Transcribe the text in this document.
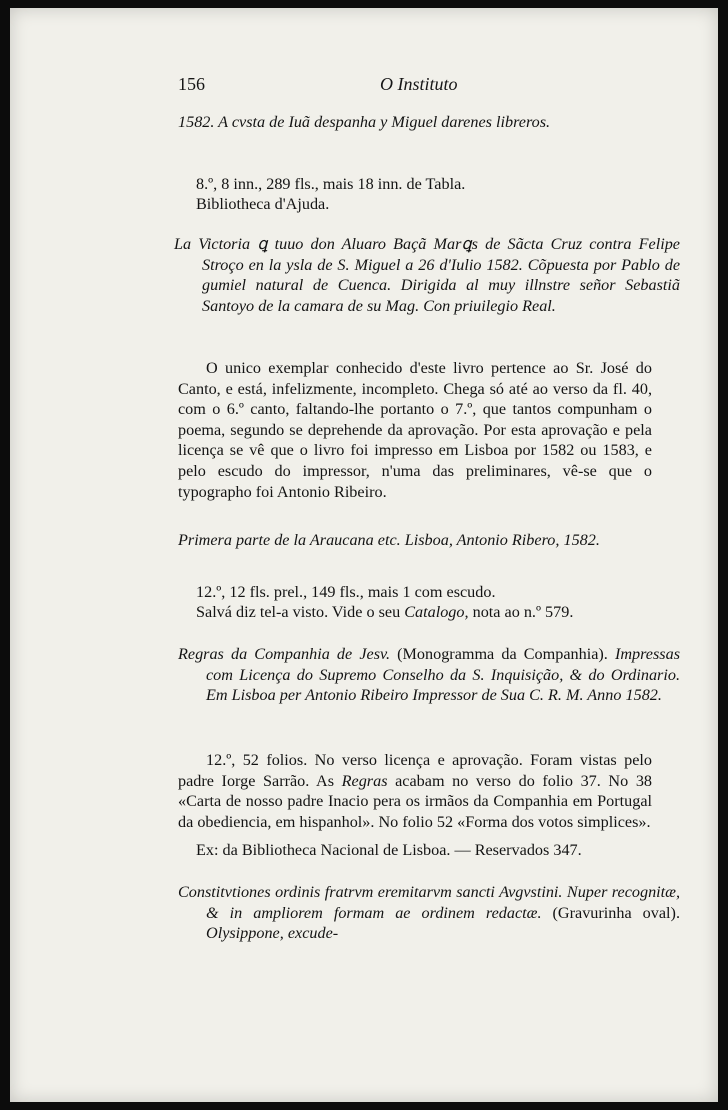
156	O Instituto

1582. A cvsta de Iuã despanha y Miguel darenes libreros.

8.º, 8 inn., 289 fls., mais 18 inn. de Tabla.

Bibliotheca d'Ajuda.

La Victoria ꝗ tuuo don Aluaro Baçã Marꝗs de Sãcta Cruz contra Felipe Stroço en la ysla de S. Miguel a 26 d'Iulio 1582. Cõpuesta por Pablo de gumiel natural de Cuenca. Dirigida al muy illnstre señor Sebastiã Santoyo de la camara de su Mag. Con priuilegio Real.

O unico exemplar conhecido d'este livro pertence ao Sr. José do Canto, e está, infelizmente, incompleto. Chega só até ao verso da fl. 40, com o 6.º canto, faltando-lhe portanto o 7.º, que tantos compunham o poema, segundo se deprehende da aprovação. Por esta aprovação e pela licença se vê que o livro foi impresso em Lisboa por 1582 ou 1583, e pelo escudo do impressor, n'uma das preliminares, vê-se que o typographo foi Antonio Ribeiro.

Primera parte de la Araucana etc. Lisboa, Antonio Ribero, 1582.

12.º, 12 fls. prel., 149 fls., mais 1 com escudo.

Salvá diz tel-a visto. Vide o seu Catalogo, nota ao n.º 579.

Regras da Companhia de Jesv. (Monogramma da Companhia). Impressas com Licença do Supremo Conselho da S. Inquisição, & do Ordinario. Em Lisboa per Antonio Ribeiro Impressor de Sua C. R. M. Anno 1582.

12.º, 52 folios. No verso licença e aprovação. Foram vistas pelo padre Iorge Sarrão. As Regras acabam no verso do folio 37. No 38 «Carta de nosso padre Inacio pera os irmãos da Companhia em Portugal da obediencia, em hispanhol». No folio 52 «Forma dos votos simplices».

Ex: da Bibliotheca Nacional de Lisboa. — Reservados 347.

Constitvtiones ordinis fratrvm eremitarvm sancti Avgvstini. Nuper recognitæ, & in ampliorem formam ae ordinem redactæ. (Gravurinha oval). Olysippone, excude-
